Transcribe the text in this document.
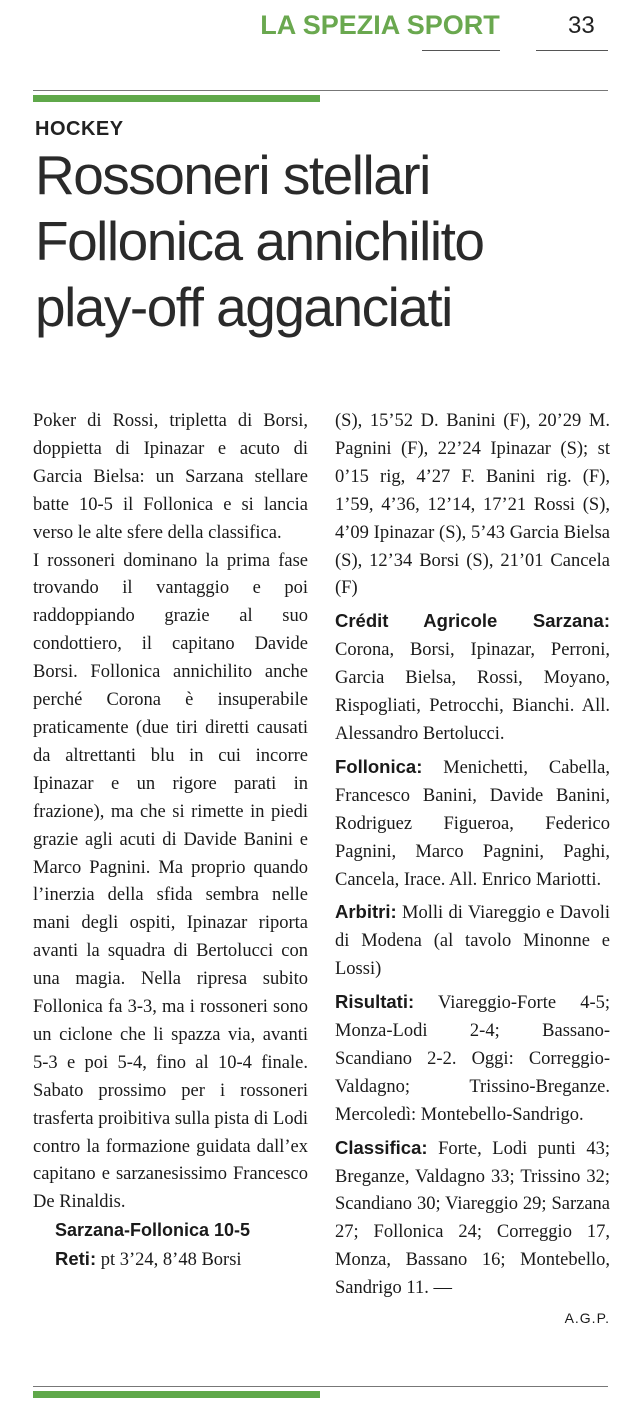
LA SPEZIA SPORT	33
HOCKEY
Rossoneri stellari
Follonica annichilito
play-off agganciati

Poker di Rossi, tripletta di Borsi, doppietta di Ipinazar e acuto di Garcia Bielsa: un Sarzana stellare batte 10-5 il Follonica e si lancia verso le alte sfere della classifica.

I rossoneri dominano la prima fase trovando il vantaggio e poi raddoppiando grazie al suo condottiero, il capitano Davide Borsi. Follonica annichilito anche perché Corona è insuperabile praticamente (due tiri diretti causati da altrettanti blu in cui incorre Ipinazar e un rigore parati in frazione), ma che si rimette in piedi grazie agli acuti di Davide Banini e Marco Pagnini. Ma proprio quando l’inerzia della sfida sembra nelle mani degli ospiti, Ipinazar riporta avanti la squadra di Bertolucci con una magia. Nella ripresa subito Follonica fa 3-3, ma i rossoneri sono un ciclone che li spazza via, avanti 5-3 e poi 5-4, fino al 10-4 finale. Sabato prossimo per i rossoneri trasferta proibitiva sulla pista di Lodi contro la formazione guidata dall’ex capitano e sarzanesissimo Francesco De Rinaldis.

Sarzana-Follonica 10-5
Reti: pt 3’24, 8’48 Borsi

(S), 15’52 D. Banini (F), 20’29 M. Pagnini (F), 22’24 Ipinazar (S); st 0’15 rig, 4’27 F. Banini rig. (F), 1’59, 4’36, 12’14, 17’21 Rossi (S), 4’09 Ipinazar (S), 5’43 Garcia Bielsa (S), 12’34 Borsi (S), 21’01 Cancela (F)

Crédit Agricole Sarzana: Corona, Borsi, Ipinazar, Perroni, Garcia Bielsa, Rossi, Moyano, Rispogliati, Petrocchi, Bianchi. All. Alessandro Bertolucci.

Follonica: Menichetti, Cabella, Francesco Banini, Davide Banini, Rodriguez Figueroa, Federico Pagnini, Marco Pagnini, Paghi, Cancela, Irace. All. Enrico Mariotti.

Arbitri: Molli di Viareggio e Davoli di Modena (al tavolo Minonne e Lossi)

Risultati: Viareggio-Forte 4-5; Monza-Lodi 2-4; Bassano-Scandiano 2-2. Oggi: Correggio-Valdagno; Trissino-Breganze. Mercoledì: Montebello-Sandrigo.

Classifica: Forte, Lodi punti 43; Breganze, Valdagno 33; Trissino 32; Scandiano 30; Viareggio 29; Sarzana 27; Follonica 24; Correggio 17, Monza, Bassano 16; Montebello, Sandrigo 11. —

A.G.P.
